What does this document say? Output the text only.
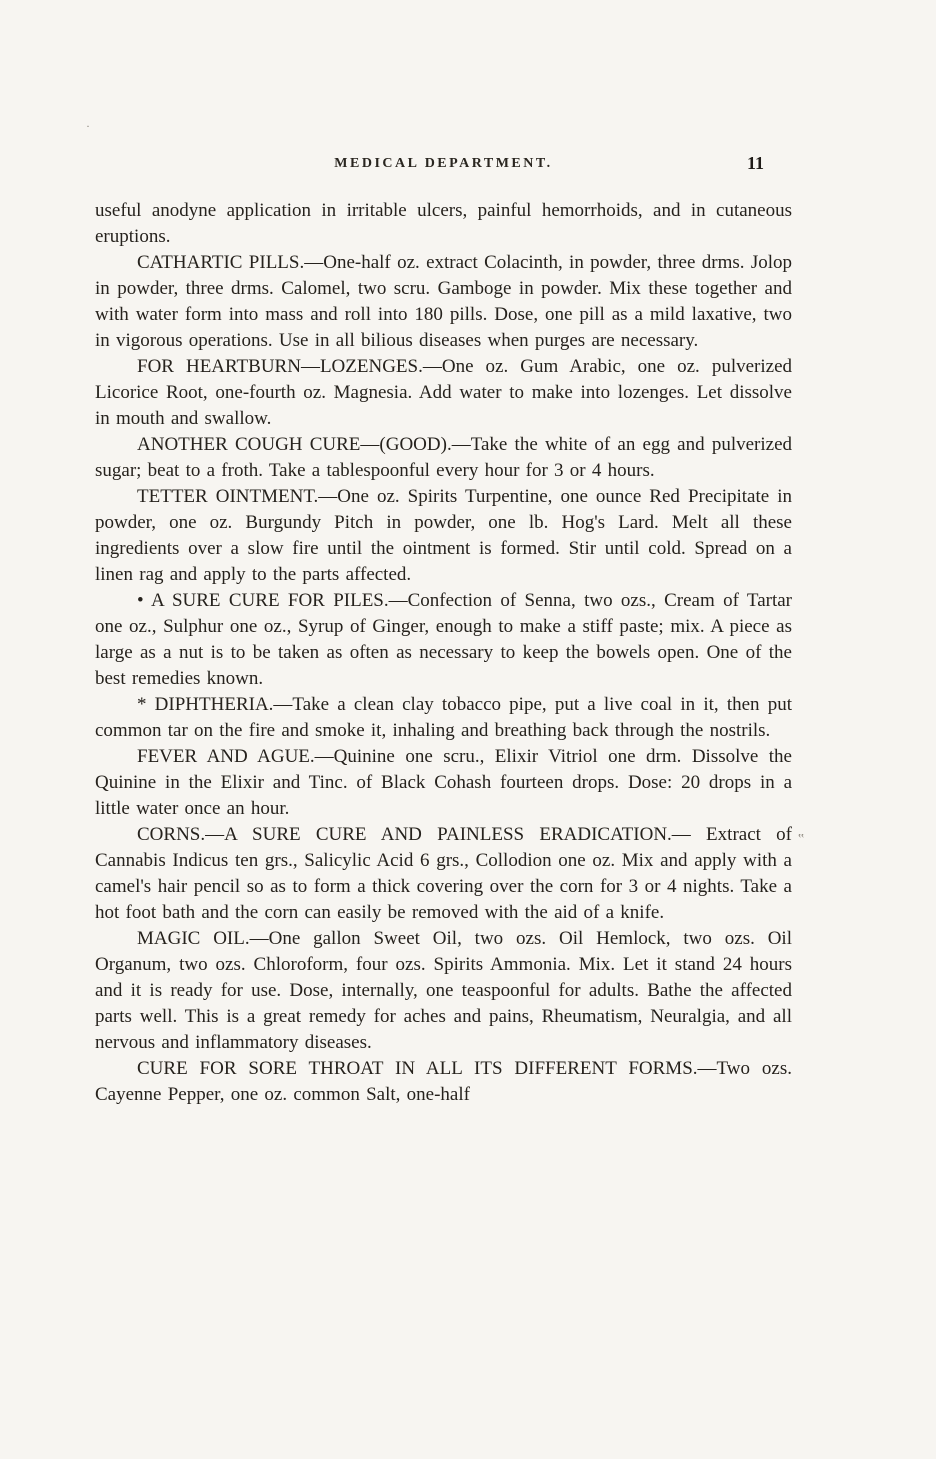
·
‟
MEDICAL DEPARTMENT.	11

useful anodyne application in irritable ulcers, painful hemorrhoids, and in cutaneous eruptions.

CATHARTIC PILLS.—One-half oz. extract Colacinth, in powder, three drms. Jolop in powder, three drms. Calomel, two scru. Gamboge in powder. Mix these together and with water form into mass and roll into 180 pills. Dose, one pill as a mild laxative, two in vigorous operations. Use in all bilious diseases when purges are necessary.

FOR HEARTBURN—LOZENGES.—One oz. Gum Arabic, one oz. pulverized Licorice Root, one-fourth oz. Magnesia. Add water to make into lozenges. Let dissolve in mouth and swallow.

ANOTHER COUGH CURE—(GOOD).—Take the white of an egg and pulverized sugar; beat to a froth. Take a tablespoonful every hour for 3 or 4 hours.

TETTER OINTMENT.—One oz. Spirits Turpentine, one ounce Red Precipitate in powder, one oz. Burgundy Pitch in powder, one lb. Hog's Lard. Melt all these ingredients over a slow fire until the ointment is formed. Stir until cold. Spread on a linen rag and apply to the parts affected.

• A SURE CURE FOR PILES.—Confection of Senna, two ozs., Cream of Tartar one oz., Sulphur one oz., Syrup of Ginger, enough to make a stiff paste; mix. A piece as large as a nut is to be taken as often as necessary to keep the bowels open. One of the best remedies known.

* DIPHTHERIA.—Take a clean clay tobacco pipe, put a live coal in it, then put common tar on the fire and smoke it, inhaling and breathing back through the nostrils.

FEVER AND AGUE.—Quinine one scru., Elixir Vitriol one drm. Dissolve the Quinine in the Elixir and Tinc. of Black Cohash fourteen drops. Dose: 20 drops in a little water once an hour.

CORNS.—A SURE CURE AND PAINLESS ERADICATION.— Extract of Cannabis Indicus ten grs., Salicylic Acid 6 grs., Collodion one oz. Mix and apply with a camel's hair pencil so as to form a thick covering over the corn for 3 or 4 nights. Take a hot foot bath and the corn can easily be removed with the aid of a knife.

MAGIC OIL.—One gallon Sweet Oil, two ozs. Oil Hemlock, two ozs. Oil Organum, two ozs. Chloroform, four ozs. Spirits Ammonia. Mix. Let it stand 24 hours and it is ready for use. Dose, internally, one teaspoonful for adults. Bathe the affected parts well. This is a great remedy for aches and pains, Rheumatism, Neuralgia, and all nervous and inflammatory diseases.

CURE FOR SORE THROAT IN ALL ITS DIFFERENT FORMS.—Two ozs. Cayenne Pepper, one oz. common Salt, one-half
